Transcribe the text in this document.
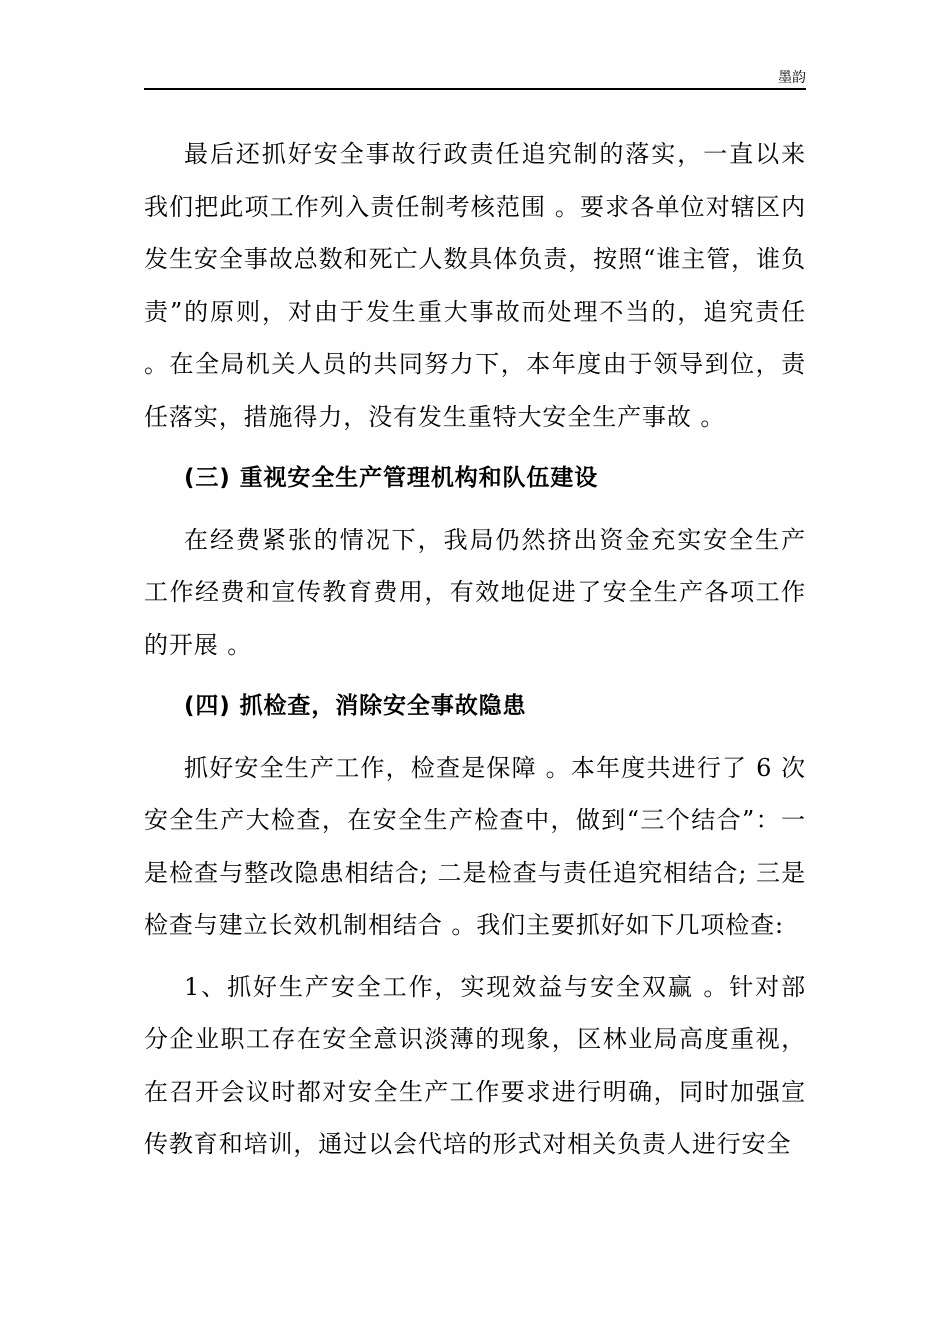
墨韵

最后还抓好安全事故行政责任追究制的落实，一直以来我们把此项工作列入责任制考核范围 。要求各单位对辖区内发生安全事故总数和死亡人数具体负责，按照“谁主管，谁负责”的原则，对由于发生重大事故而处理不当的，追究责任 。在全局机关人员的共同努力下，本年度由于领导到位，责任落实，措施得力，没有发生重特大安全生产事故 。

(三) 重视安全生产管理机构和队伍建设

在经费紧张的情况下，我局仍然挤出资金充实安全生产工作经费和宣传教育费用，有效地促进了安全生产各项工作的开展 。

(四) 抓检查，消除安全事故隐患

抓好安全生产工作，检查是保障 。本年度共进行了 6 次安全生产大检查，在安全生产检查中，做到“三个结合”：一是检查与整改隐患相结合; 二是检查与责任追究相结合; 三是检查与建立长效机制相结合 。我们主要抓好如下几项检查:

1、抓好生产安全工作，实现效益与安全双赢 。针对部分企业职工存在安全意识淡薄的现象，区林业局高度重视，在召开会议时都对安全生产工作要求进行明确，同时加强宣传教育和培训，通过以会代培的形式对相关负责人进行安全
